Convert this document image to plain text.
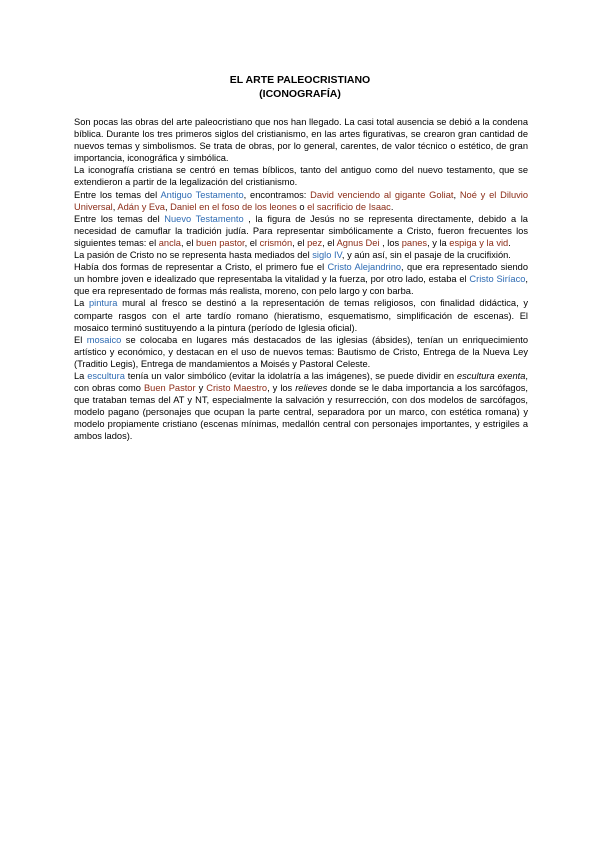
EL ARTE PALEOCRISTIANO
(ICONOGRAFÍA)

Son pocas las obras del arte paleocristiano que nos han llegado. La casi total ausencia se debió a la condena bíblica. Durante los tres primeros siglos del cristianismo, en las artes figurativas, se crearon gran cantidad de nuevos temas y simbolismos. Se trata de obras, por lo general, carentes, de valor técnico o estético, de gran importancia, iconográfica y simbólica.

La iconografía cristiana se centró en temas bíblicos, tanto del antiguo como del nuevo testamento, que se extendieron a partir de la legalización del cristianismo.

Entre los temas del Antiguo Testamento, encontramos: David venciendo al gigante Goliat, Noé y el Diluvio Universal, Adán y Eva, Daniel en el foso de los leones o el sacrificio de Isaac.

Entre los temas del Nuevo Testamento , la figura de Jesús no se representa directamente, debido a la necesidad de camuflar la tradición judía. Para representar simbólicamente a Cristo, fueron frecuentes los siguientes temas: el ancla, el buen pastor, el crismón, el pez, el Agnus Dei , los panes, y la espiga y la vid.

La pasión de Cristo no se representa hasta mediados del siglo IV, y aún así, sin el pasaje de la crucifixión.

Había dos formas de representar a Cristo, el primero fue el Cristo Alejandrino, que era representado siendo un hombre joven e idealizado que representaba la vitalidad y la fuerza, por otro lado, estaba el Cristo Siríaco, que era representado de formas más realista, moreno, con pelo largo y con barba.

La pintura mural al fresco se destinó a la representación de temas religiosos, con finalidad didáctica, y comparte rasgos con el arte tardío romano (hieratismo, esquematismo, simplificación de escenas). El mosaico terminó sustituyendo a la pintura (período de Iglesia oficial).

El mosaico se colocaba en lugares más destacados de las iglesias (ábsides), tenían un enriquecimiento artístico y económico, y destacan en el uso de nuevos temas: Bautismo de Cristo, Entrega de la Nueva Ley (Traditio Legis), Entrega de mandamientos a Moisés y Pastoral Celeste.

La escultura tenía un valor simbólico (evitar la idolatría a las imágenes), se puede dividir en escultura exenta, con obras como Buen Pastor y Cristo Maestro, y los relieves donde se le daba importancia a los sarcófagos, que trataban temas del AT y NT, especialmente la salvación y resurrección, con dos modelos de sarcófagos, modelo pagano (personajes que ocupan la parte central, separadora por un marco, con estética romana) y modelo propiamente cristiano (escenas mínimas, medallón central con personajes importantes, y estrigiles a ambos lados).
